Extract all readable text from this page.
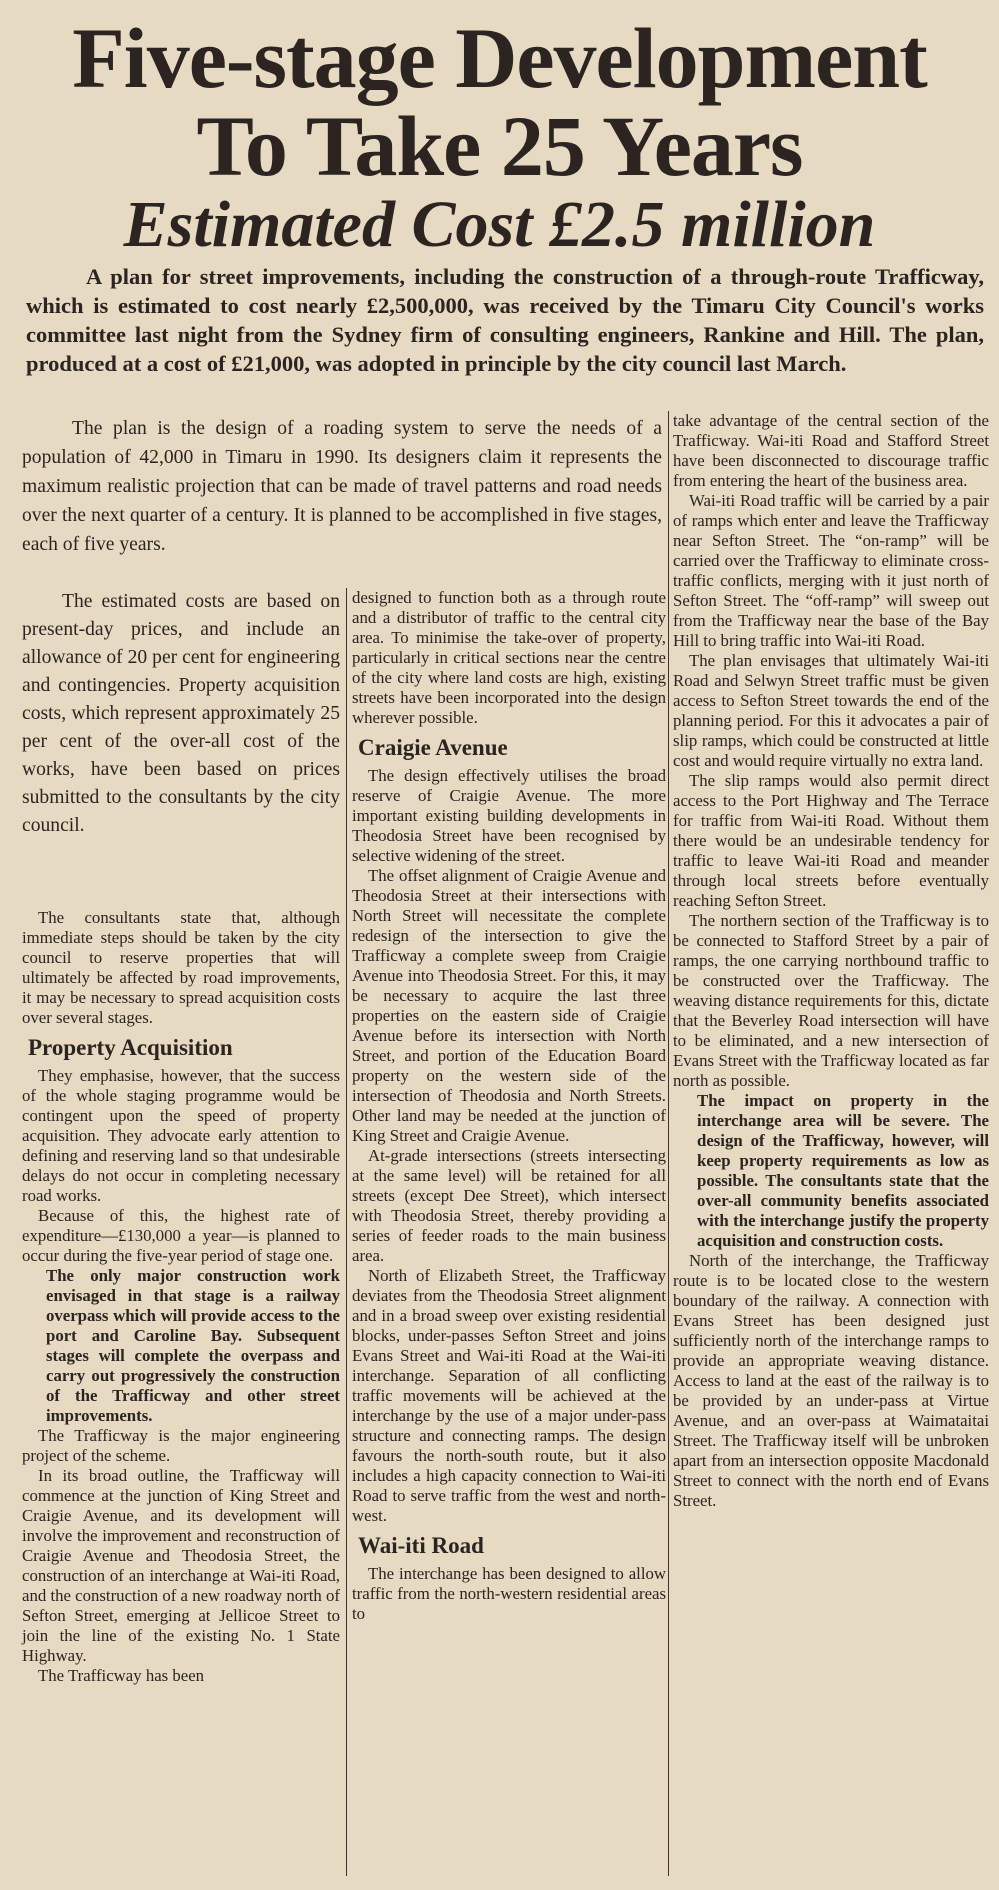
Five-stage Development
To Take 25 Years
Estimated Cost £2.5 million

A plan for street improvements, including the construction of a through-route Trafficway, which is estimated to cost nearly £2,500,000, was received by the Timaru City Council's works committee last night from the Sydney firm of consulting engineers, Rankine and Hill. The plan, produced at a cost of £21,000, was adopted in principle by the city council last March.

The plan is the design of a roading system to serve the needs of a population of 42,000 in Timaru in 1990. Its designers claim it represents the maximum realistic projection that can be made of travel patterns and road needs over the next quarter of a century. It is planned to be accomplished in five stages, each of five years.

The estimated costs are based on present-day prices, and include an allowance of 20 per cent for engineering and contingencies. Property acquisition costs, which represent approximately 25 per cent of the over-all cost of the works, have been based on prices submitted to the consultants by the city council.

The consultants state that, although immediate steps should be taken by the city council to reserve properties that will ultimately be affected by road improvements, it may be necessary to spread acquisition costs over several stages.

Property Acquisition

They emphasise, however, that the success of the whole staging programme would be contingent upon the speed of property acquisition. They advocate early attention to defining and reserving land so that undesirable delays do not occur in completing necessary road works.

Because of this, the highest rate of expenditure—£130,000 a year—is planned to occur during the five-year period of stage one.

The only major construction work envisaged in that stage is a railway overpass which will provide access to the port and Caroline Bay. Subsequent stages will complete the overpass and carry out progressively the construction of the Trafficway and other street improvements.

The Trafficway is the major engineering project of the scheme.

In its broad outline, the Trafficway will commence at the junction of King Street and Craigie Avenue, and its development will involve the improvement and reconstruction of Craigie Avenue and Theodosia Street, the construction of an interchange at Wai-iti Road, and the construction of a new roadway north of Sefton Street, emerging at Jellicoe Street to join the line of the existing No. 1 State Highway.

The Trafficway has been

designed to function both as a through route and a distributor of traffic to the central city area. To minimise the take-over of property, particularly in critical sections near the centre of the city where land costs are high, existing streets have been incorporated into the design wherever possible.

Craigie Avenue

The design effectively utilises the broad reserve of Craigie Avenue. The more important existing building developments in Theodosia Street have been recognised by selective widening of the street.

The offset alignment of Craigie Avenue and Theodosia Street at their intersections with North Street will necessitate the complete redesign of the intersection to give the Trafficway a complete sweep from Craigie Avenue into Theodosia Street. For this, it may be necessary to acquire the last three properties on the eastern side of Craigie Avenue before its intersection with North Street, and portion of the Education Board property on the western side of the intersection of Theodosia and North Streets. Other land may be needed at the junction of King Street and Craigie Avenue.

At-grade intersections (streets intersecting at the same level) will be retained for all streets (except Dee Street), which intersect with Theodosia Street, thereby providing a series of feeder roads to the main business area.

North of Elizabeth Street, the Trafficway deviates from the Theodosia Street alignment and in a broad sweep over existing residential blocks, under-passes Sefton Street and joins Evans Street and Wai-iti Road at the Wai-iti interchange. Separation of all conflicting traffic movements will be achieved at the interchange by the use of a major under-pass structure and connecting ramps. The design favours the north-south route, but it also includes a high capacity connection to Wai-iti Road to serve traffic from the west and north-west.

Wai-iti Road

The interchange has been designed to allow traffic from the north-western residential areas to

take advantage of the central section of the Trafficway. Wai-iti Road and Stafford Street have been disconnected to discourage traffic from entering the heart of the business area.

Wai-iti Road traffic will be carried by a pair of ramps which enter and leave the Trafficway near Sefton Street. The “on-ramp” will be carried over the Trafficway to eliminate cross-traffic conflicts, merging with it just north of Sefton Street. The “off-ramp” will sweep out from the Trafficway near the base of the Bay Hill to bring traffic into Wai-iti Road.

The plan envisages that ultimately Wai-iti Road and Selwyn Street traffic must be given access to Sefton Street towards the end of the planning period. For this it advocates a pair of slip ramps, which could be constructed at little cost and would require virtually no extra land.

The slip ramps would also permit direct access to the Port Highway and The Terrace for traffic from Wai-iti Road. Without them there would be an undesirable tendency for traffic to leave Wai-iti Road and meander through local streets before eventually reaching Sefton Street.

The northern section of the Trafficway is to be connected to Stafford Street by a pair of ramps, the one carrying northbound traffic to be constructed over the Trafficway. The weaving distance requirements for this, dictate that the Beverley Road intersection will have to be eliminated, and a new intersection of Evans Street with the Trafficway located as far north as possible.

The impact on property in the interchange area will be severe. The design of the Trafficway, however, will keep property requirements as low as possible. The consultants state that the over-all community benefits associated with the interchange justify the property acquisition and construction costs.

North of the interchange, the Trafficway route is to be located close to the western boundary of the railway. A connection with Evans Street has been designed just sufficiently north of the interchange ramps to provide an appropriate weaving distance. Access to land at the east of the railway is to be provided by an under-pass at Virtue Avenue, and an over-pass at Waimataitai Street. The Trafficway itself will be unbroken apart from an intersection opposite Macdonald Street to connect with the north end of Evans Street.
